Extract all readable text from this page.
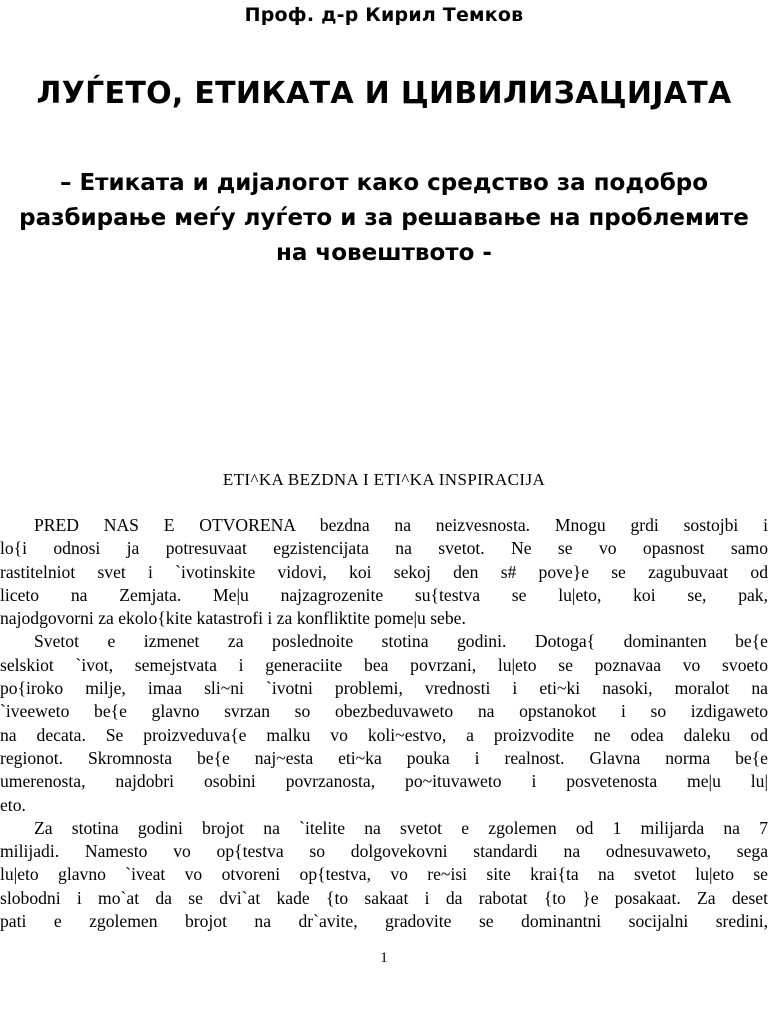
Проф. д-р Кирил Темков
ЛУЃЕТО, ЕТИКАТА И ЦИВИЛИЗАЦИЈАТА
– Етиката и дијалогот како средство за подобро
разбирање меѓу луѓето и за решавање на проблемите
на човештвото -
ETI^KA BEZDNA I ETI^KA INSPIRACIJA
PRED NAS E OTVORENA bezdna na neizvesnosta. Mnogu grdi sostojbi i
lo{i odnosi ja potresuvaat egzistencijata na svetot. Ne se vo opasnost samo
rastitelniot svet i `ivotinskite vidovi, koi sekoj den s# pove}e se zagubuvaat od
liceto na Zemjata. Me|u najzagrozenite su{testva se lu|eto, koi se, pak,
najodgovorni za ekolo{kite katastrofi i za konfliktite pome|u sebe.
Svetot e izmenet za poslednoite stotina godini. Dotoga{ dominanten be{e
selskiot `ivot, semejstvata i generaciite bea povrzani, lu|eto se poznavaa vo svoeto
po{iroko milje, imaa sli~ni `ivotni problemi, vrednosti i eti~ki nasoki, moralot na
`iveeweto be{e glavno svrzan so obezbeduvaweto na opstanokot i so izdigaweto
na decata. Se proizveduva{e malku vo koli~estvo, a proizvodite ne odea daleku od
regionot. Skromnosta be{e naj~esta eti~ka pouka i realnost. Glavna norma be{e
umerenosta, najdobri osobini povrzanosta, po~ituvaweto i posvetenosta me|u lu|
eto.
Za stotina godini brojot na `itelite na svetot e zgolemen od 1 milijarda na 7
milijadi. Namesto vo op{testva so dolgovekovni standardi na odnesuvaweto, sega
lu|eto glavno `iveat vo otvoreni op{testva, vo re~isi site krai{ta na svetot lu|eto se
slobodni i mo`at da se dvi`at kade {to sakaat i da rabotat {to }e posakaat. Za deset
pati e zgolemen brojot na dr`avite, gradovite se dominantni socijalni sredini,
1
